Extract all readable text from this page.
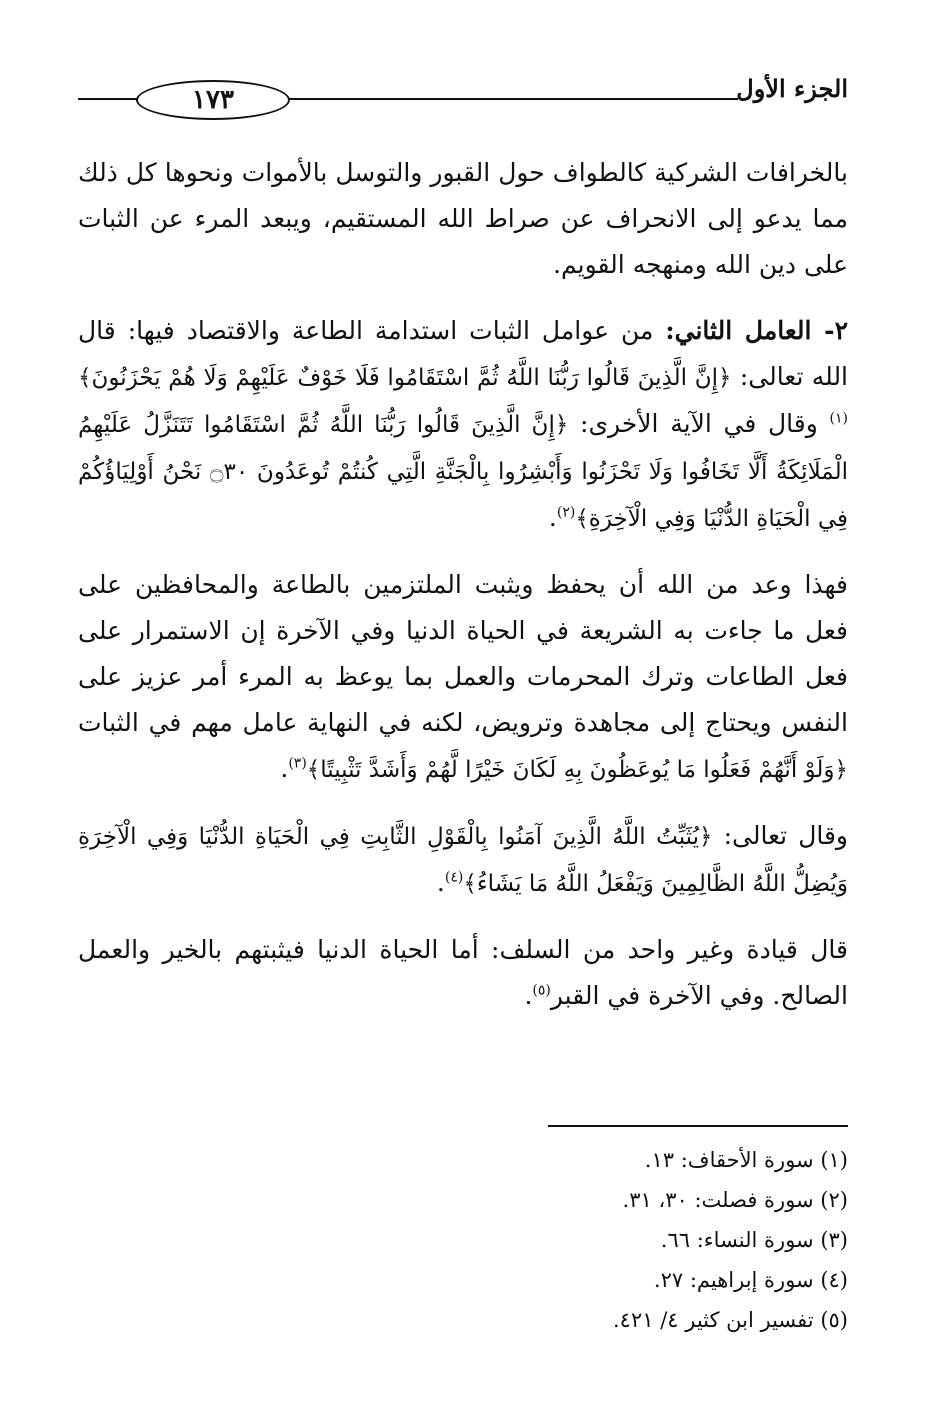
١٧٣	الجزء الأول

بالخرافات الشركية كالطواف حول القبور والتوسل بالأموات ونحوها كل ذلك مما يدعو إلى الانحراف عن صراط الله المستقيم، ويبعد المرء عن الثبات على دين الله ومنهجه القويم.

٢- العامل الثاني: من عوامل الثبات استدامة الطاعة والاقتصاد فيها: قال الله تعالى: ﴿إِنَّ الَّذِينَ قَالُوا رَبُّنَا اللَّهُ ثُمَّ اسْتَقَامُوا فَلَا خَوْفٌ عَلَيْهِمْ وَلَا هُمْ يَحْزَنُونَ﴾$^{(١)}$ وقال في الآية الأخرى: ﴿إِنَّ الَّذِينَ قَالُوا رَبُّنَا اللَّهُ ثُمَّ اسْتَقَامُوا تَتَنَزَّلُ عَلَيْهِمُ الْمَلَائِكَةُ أَلَّا تَخَافُوا وَلَا تَحْزَنُوا وَأَبْشِرُوا بِالْجَنَّةِ الَّتِي كُنتُمْ تُوعَدُونَ ۝٣٠ نَحْنُ أَوْلِيَاؤُكُمْ فِي الْحَيَاةِ الدُّنْيَا وَفِي الْآخِرَةِ﴾$^{(٢)}$.

فهذا وعد من الله أن يحفظ ويثبت الملتزمين بالطاعة والمحافظين على فعل ما جاءت به الشريعة في الحياة الدنيا وفي الآخرة إن الاستمرار على فعل الطاعات وترك المحرمات والعمل بما يوعظ به المرء أمر عزيز على النفس ويحتاج إلى مجاهدة وترويض، لكنه في النهاية عامل مهم في الثبات ﴿وَلَوْ أَنَّهُمْ فَعَلُوا مَا يُوعَظُونَ بِهِ لَكَانَ خَيْرًا لَّهُمْ وَأَشَدَّ تَثْبِيتًا﴾$^{(٣)}$.

وقال تعالى: ﴿يُثَبِّتُ اللَّهُ الَّذِينَ آمَنُوا بِالْقَوْلِ الثَّابِتِ فِي الْحَيَاةِ الدُّنْيَا وَفِي الْآخِرَةِ وَيُضِلُّ اللَّهُ الظَّالِمِينَ وَيَفْعَلُ اللَّهُ مَا يَشَاءُ﴾$^{(٤)}$.

قال قيادة وغير واحد من السلف: أما الحياة الدنيا فيثبتهم بالخير والعمل الصالح. وفي الآخرة في القبر$^{(٥)}$.

(١) سورة الأحقاف: ١٣.
(٢) سورة فصلت: ٣٠، ٣١.
(٣) سورة النساء: ٦٦.
(٤) سورة إبراهيم: ٢٧.
(٥) تفسير ابن كثير ٤/ ٤٢١.
